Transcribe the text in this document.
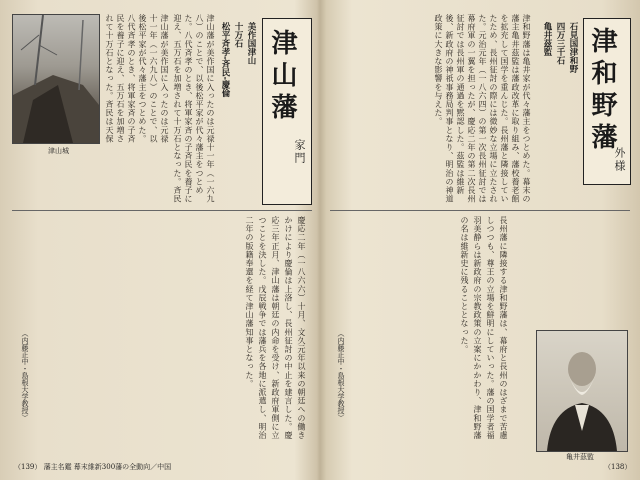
津山城
津山藩が美作国に入ったのは元禄十一年（一六九八）のことで、以後松平家が代々藩主をつとめた。八代斉孝のとき、将軍家斉の子斉民を養子に迎え、五万石を加増されて十万石となった。斉民は天保
津山藩
家門
美作国津山
十万石
松平斉孝-斉民-慶倫
津山藩が美作国に入ったのは元禄十一年（一六九八）のことで、以後松平家が代々藩主をつとめた。八代斉孝のとき、将軍家斉の子斉民を養子に迎え、五万石を加増されて十万石となった。斉民
慶応二年（一八六六）十月、文久元年以来の朝廷への働きかけにより慶倫は上洛し、長州征討の中止を建言した。慶応三年正月、津山藩は朝廷の内命を受け、新政府軍側に立つことを決した。戊辰戦争では藩兵を各地に派遣し、明治二年の版籍奉還を経て津山藩知事となった。
（内藤正中・島根大学教授）
（139） 藩主名鑑 幕末維新300藩の全動向／中国
津和野藩
外様
石見国津和野
四万三千石
亀井茲監
津和野藩は亀井家が代々藩主をつとめた。幕末の藩主亀井茲監は藩政改革に取り組み、藩校養老館を拡充して国学を重んじた。長州藩と隣接していたため、長州征討の際には微妙な立場に立たされた。元治元年（一八六四）の第一次長州征討では幕府軍の一翼を担ったが、慶応二年の第二次長州征討では長州軍の通過を黙認した。茲監は維新後、新政府の神祇事務局判事となり、明治の神道政策に大きな影響を与えた。
長州藩に隣接する津和野藩は、幕府と長州のはざまで苦慮しつつも、尊王の立場を鮮明にしていった。藩の国学者福羽美静らは新政府の宗教政策の立案にかかわり、津和野藩の名は維新史に残ることとなった。
（内藤正中・島根大学教授）
亀井茲監
（138）
